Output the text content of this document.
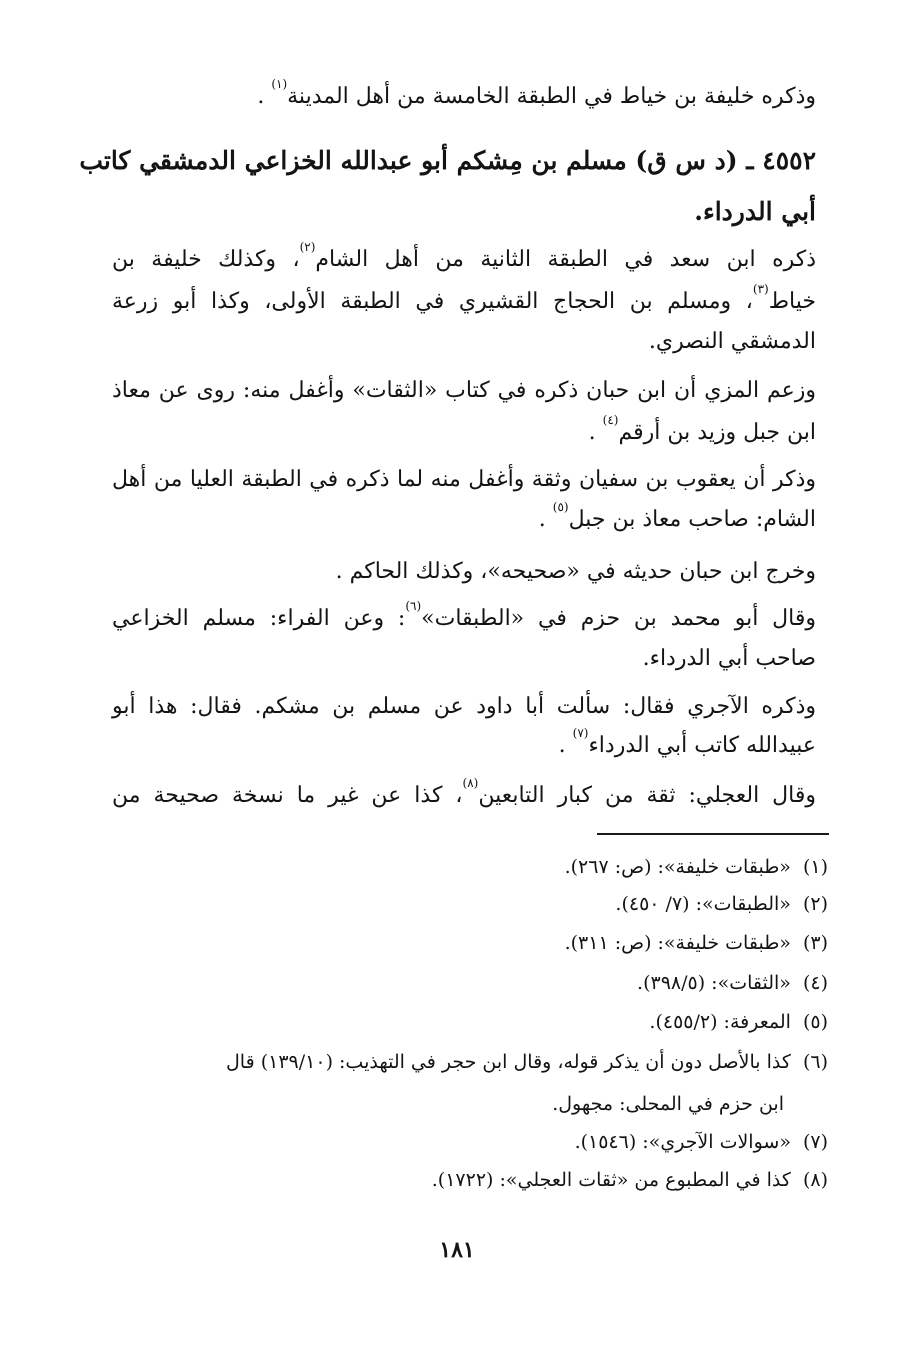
وذكره خليفة بن خياط في الطبقة الخامسة من أهل المدينة$^{(١)}$ .
٤٥٥٢ ـ (د س ق) مسلم بن مِشكم أبو عبدالله الخزاعي الدمشقي كاتب
أبي الدرداء.
ذكره ابن سعد في الطبقة الثانية من أهل الشام$^{(٢)}$، وكذلك خليفة بن
خياط$^{(٣)}$، ومسلم بن الحجاج القشيري في الطبقة الأولى، وكذا أبو زرعة
الدمشقي النصري.
وزعم المزي أن ابن حبان ذكره في كتاب «الثقات» وأغفل منه: روى عن معاذ
ابن جبل وزيد بن أرقم$^{(٤)}$ .
وذكر أن يعقوب بن سفيان وثقة وأغفل منه لما ذكره في الطبقة العليا من أهل
الشام: صاحب معاذ بن جبل$^{(٥)}$ .
وخرج ابن حبان حديثه في «صحيحه»، وكذلك الحاكم .
وقال أبو محمد بن حزم في «الطبقات»$^{(٦)}$: وعن الفراء: مسلم الخزاعي
صاحب أبي الدرداء.
وذكره الآجري فقال: سألت أبا داود عن مسلم بن مشكم. فقال: هذا أبو
عبيدالله كاتب أبي الدرداء$^{(٧)}$ .
وقال العجلي: ثقة من كبار التابعين$^{(٨)}$، كذا عن غير ما نسخة صحيحة من
(١)«طبقات خليفة»: (ص: ٢٦٧).
(٢)«الطبقات»: (٧/ ٤٥٠).
(٣)«طبقات خليفة»: (ص: ٣١١).
(٤)«الثقات»: (٣٩٨/٥).
(٥)المعرفة: (٤٥٥/٢).
(٦)كذا بالأصل دون أن يذكر قوله، وقال ابن حجر في التهذيب: (١٣٩/١٠) قال
ابن حزم في المحلى: مجهول.
(٧)«سوالات الآجري»: (١٥٤٦).
(٨)كذا في المطبوع من «ثقات العجلي»: (١٧٢٢).
١٨١
